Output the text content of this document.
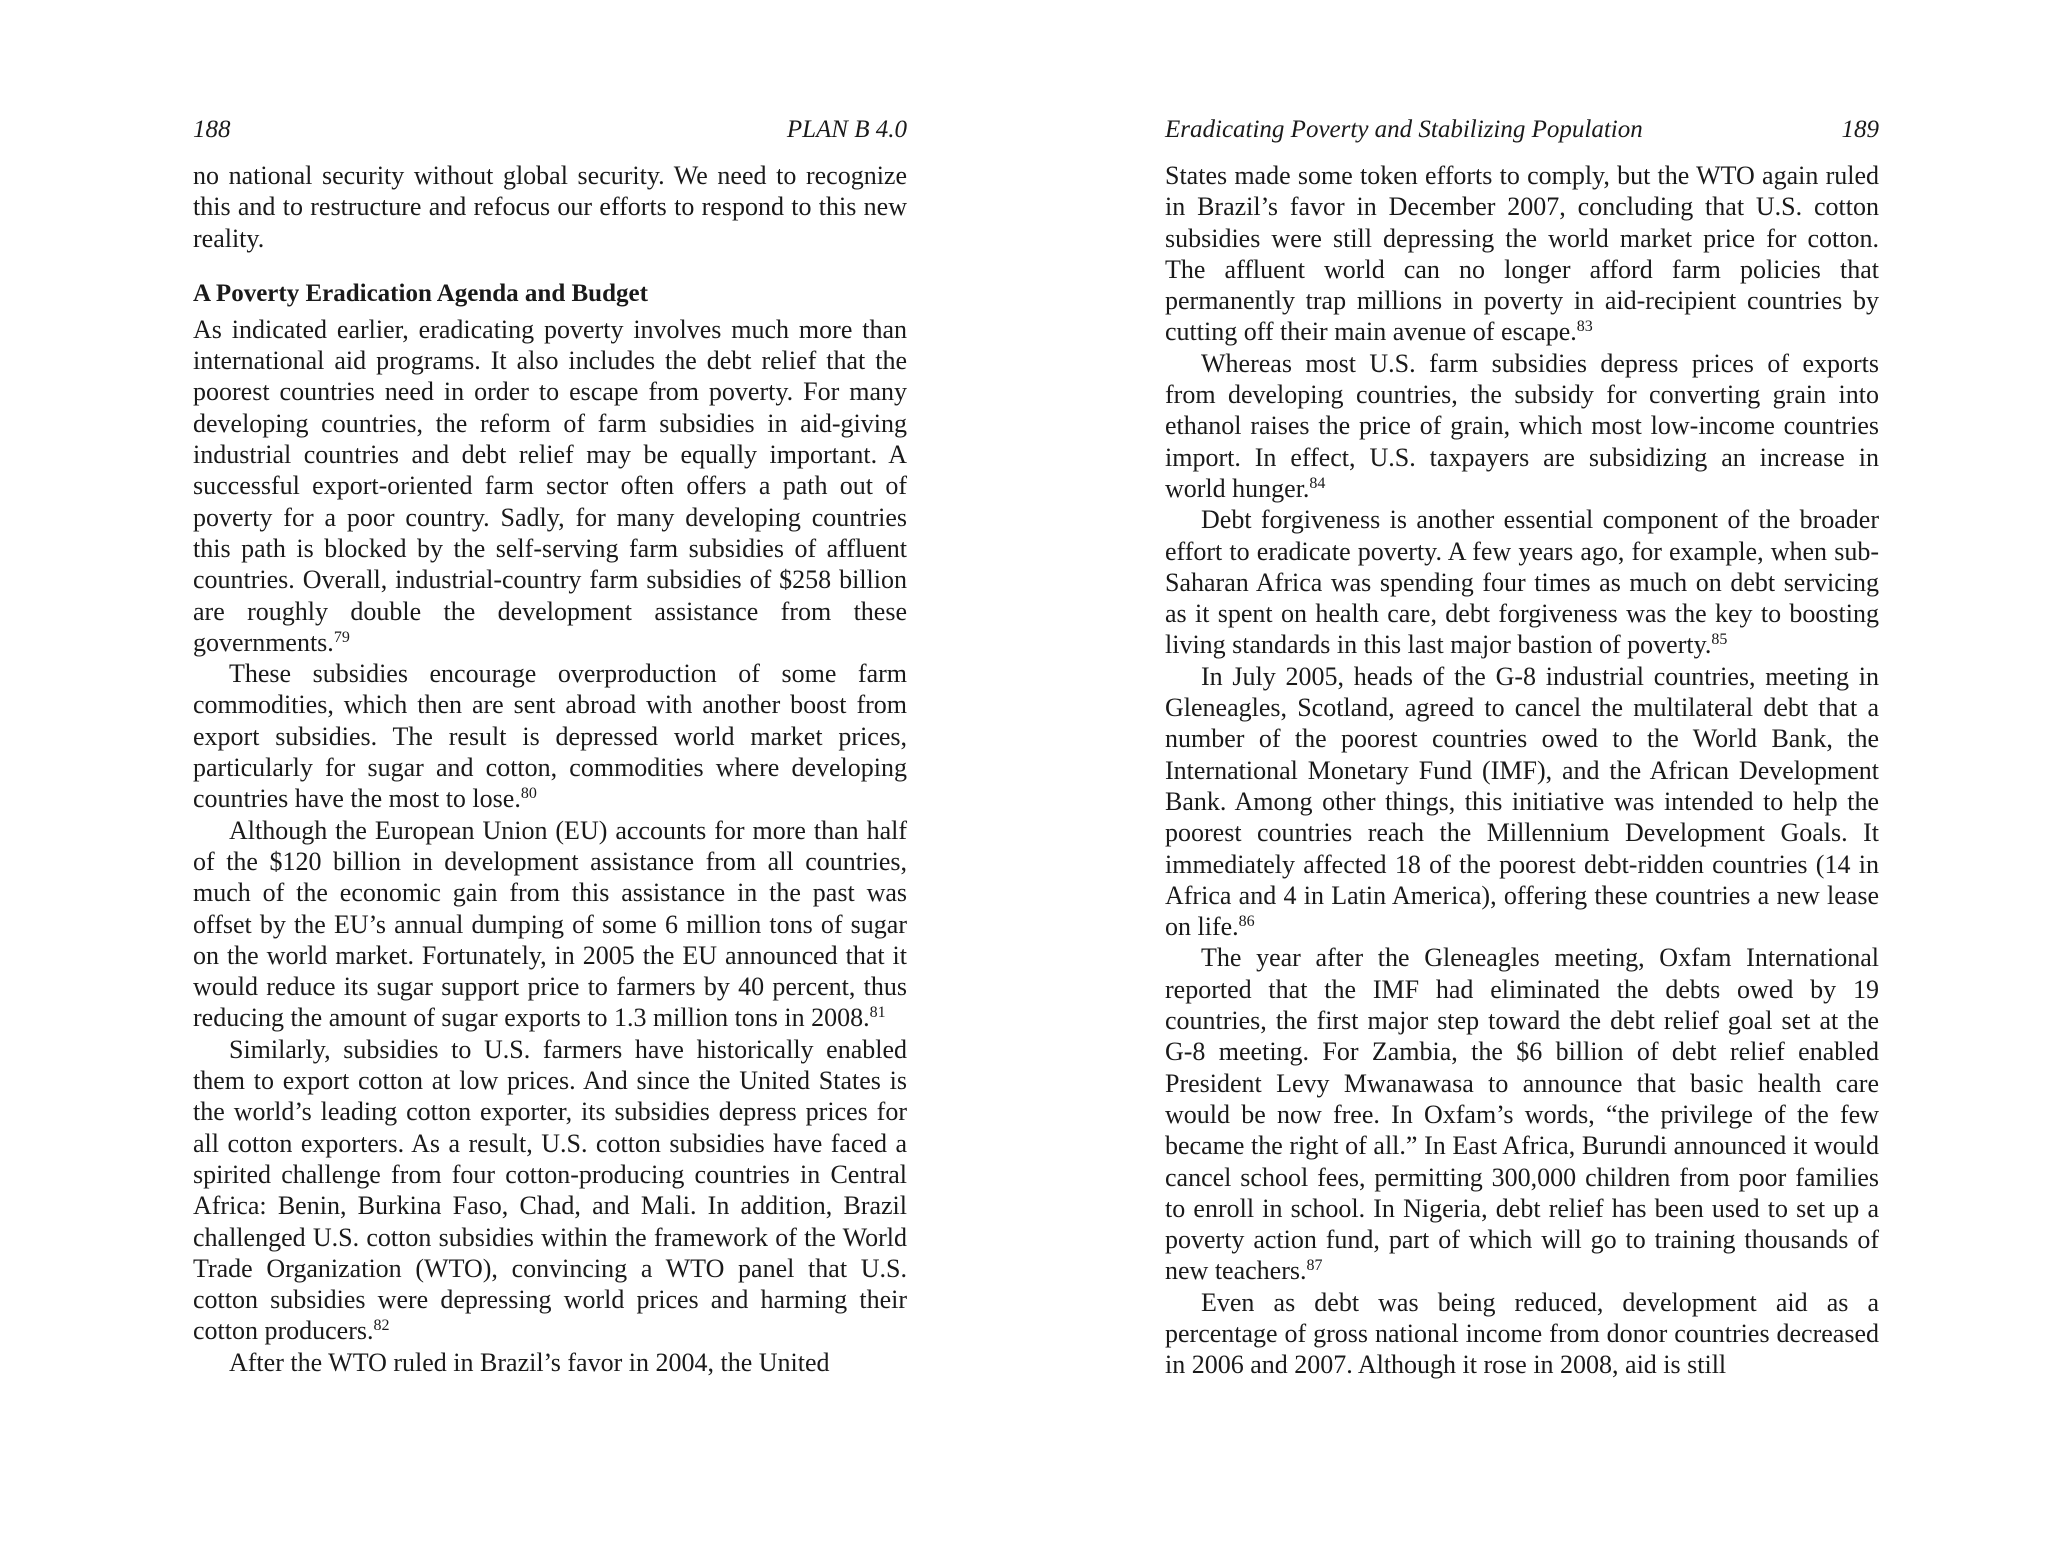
188	PLAN B 4.0

no national security without global security. We need to recognize this and to restructure and refocus our efforts to respond to this new reality.

A Poverty Eradication Agenda and Budget

As indicated earlier, eradicating poverty involves much more than international aid programs. It also includes the debt relief that the poorest countries need in order to escape from poverty. For many developing countries, the reform of farm subsidies in aid-giving industrial countries and debt relief may be equally important. A successful export-oriented farm sector often offers a path out of poverty for a poor country. Sadly, for many developing countries this path is blocked by the self-serving farm subsidies of affluent countries. Overall, industrial-country farm subsidies of $258 billion are roughly double the development assistance from these governments.$^{79}$

These subsidies encourage overproduction of some farm commodities, which then are sent abroad with another boost from export subsidies. The result is depressed world market prices, particularly for sugar and cotton, commodities where developing countries have the most to lose.$^{80}$

Although the European Union (EU) accounts for more than half of the $120 billion in development assistance from all countries, much of the economic gain from this assistance in the past was offset by the EU’s annual dumping of some 6 million tons of sugar on the world market. Fortunately, in 2005 the EU announced that it would reduce its sugar support price to farmers by 40 percent, thus reducing the amount of sugar exports to 1.3 million tons in 2008.81

Similarly, subsidies to U.S. farmers have historically enabled them to export cotton at low prices. And since the United States is the world’s leading cotton exporter, its subsidies depress prices for all cotton exporters. As a result, U.S. cotton subsidies have faced a spirited challenge from four cotton-producing countries in Central Africa: Benin, Burkina Faso, Chad, and Mali. In addition, Brazil challenged U.S. cotton subsidies within the framework of the World Trade Organization (WTO), convincing a WTO panel that U.S. cotton subsidies were depressing world prices and harming their cotton producers.$^{82}$

After the WTO ruled in Brazil’s favor in 2004, the United

Eradicating Poverty and Stabilizing Population	189

States made some token efforts to comply, but the WTO again ruled in Brazil’s favor in December 2007, concluding that U.S. cotton subsidies were still depressing the world market price for cotton. The affluent world can no longer afford farm policies that permanently trap millions in poverty in aid-recipient countries by cutting off their main avenue of escape.$^{83}$

Whereas most U.S. farm subsidies depress prices of exports from developing countries, the subsidy for converting grain into ethanol raises the price of grain, which most low-income countries import. In effect, U.S. taxpayers are subsidizing an increase in world hunger.$^{84}$

Debt forgiveness is another essential component of the broader effort to eradicate poverty. A few years ago, for example, when sub-Saharan Africa was spending four times as much on debt servicing as it spent on health care, debt forgiveness was the key to boosting living standards in this last major bastion of poverty.$^{85}$

In July 2005, heads of the G-8 industrial countries, meeting in Gleneagles, Scotland, agreed to cancel the multilateral debt that a number of the poorest countries owed to the World Bank, the International Monetary Fund (IMF), and the African Development Bank. Among other things, this initiative was intended to help the poorest countries reach the Millennium Development Goals. It immediately affected 18 of the poorest debt-ridden countries (14 in Africa and 4 in Latin America), offering these countries a new lease on life.$^{86}$

The year after the Gleneagles meeting, Oxfam International reported that the IMF had eliminated the debts owed by 19 countries, the first major step toward the debt relief goal set at the G-8 meeting. For Zambia, the $6 billion of debt relief enabled President Levy Mwanawasa to announce that basic health care would be now free. In Oxfam’s words, “the privilege of the few became the right of all.” In East Africa, Burundi announced it would cancel school fees, permitting 300,000 children from poor families to enroll in school. In Nigeria, debt relief has been used to set up a poverty action fund, part of which will go to training thousands of new teachers.$^{87}$

Even as debt was being reduced, development aid as a percentage of gross national income from donor countries decreased in 2006 and 2007. Although it rose in 2008, aid is still
